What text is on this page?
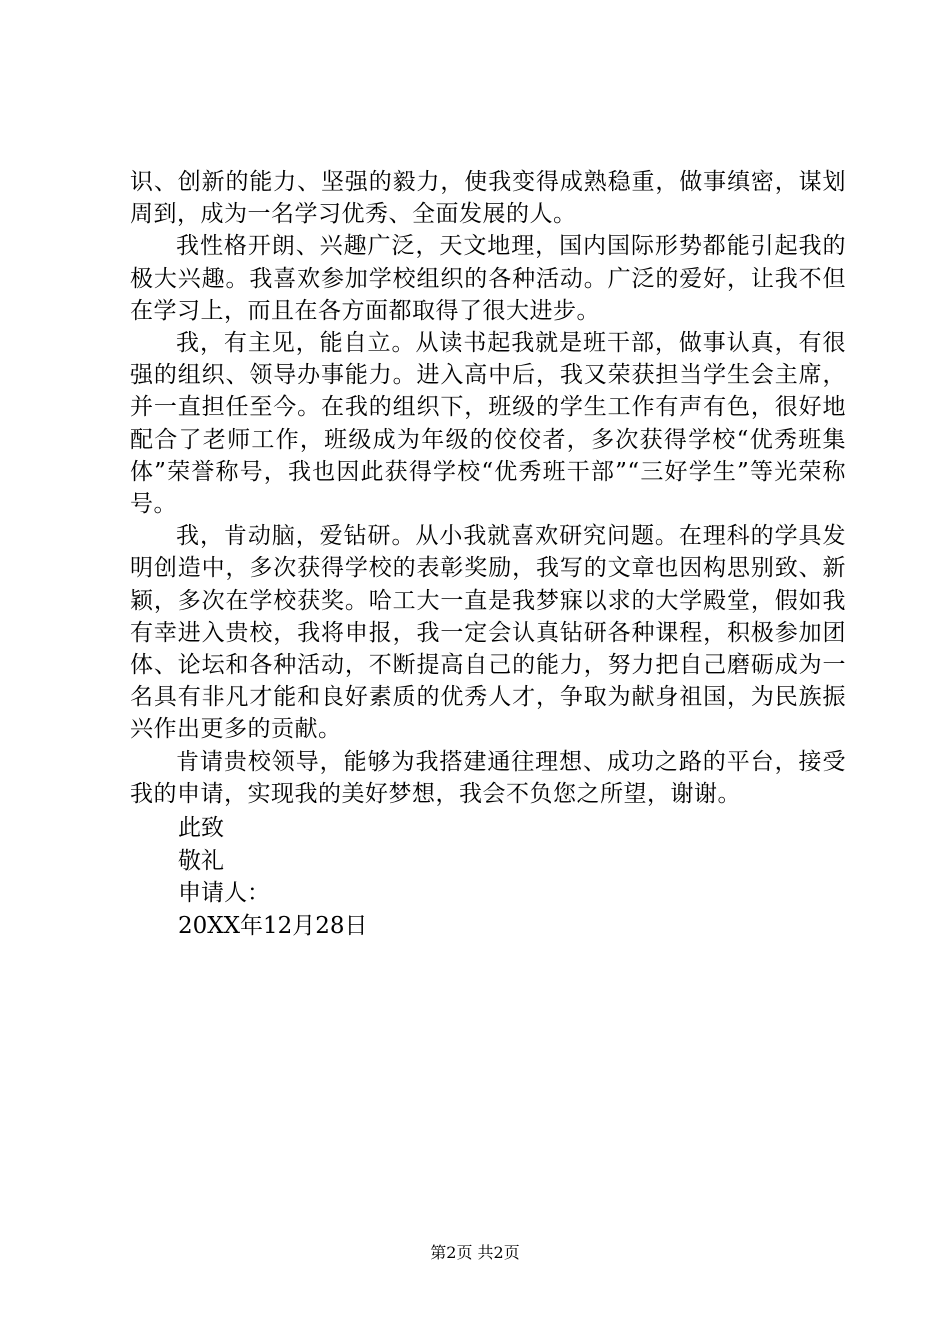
识、创新的能力、坚强的毅力，使我变得成熟稳重，做事缜密，谋划周到，成为一名学习优秀、全面发展的人。

我性格开朗、兴趣广泛，天文地理，国内国际形势都能引起我的极大兴趣。我喜欢参加学校组织的各种活动。广泛的爱好，让我不但在学习上，而且在各方面都取得了很大进步。

我，有主见，能自立。从读书起我就是班干部，做事认真，有很强的组织、领导办事能力。进入高中后，我又荣获担当学生会主席，并一直担任至今。在我的组织下，班级的学生工作有声有色，很好地配合了老师工作，班级成为年级的佼佼者，多次获得学校“优秀班集体”荣誉称号，我也因此获得学校“优秀班干部”“三好学生”等光荣称号。

我，肯动脑，爱钻研。从小我就喜欢研究问题。在理科的学具发明创造中，多次获得学校的表彰奖励，我写的文章也因构思别致、新颖，多次在学校获奖。哈工大一直是我梦寐以求的大学殿堂，假如我有幸进入贵校，我将申报，我一定会认真钻研各种课程，积极参加团体、论坛和各种活动，不断提高自己的能力，努力把自己磨砺成为一名具有非凡才能和良好素质的优秀人才，争取为献身祖国，为民族振兴作出更多的贡献。

肯请贵校领导，能够为我搭建通往理想、成功之路的平台，接受我的申请，实现我的美好梦想，我会不负您之所望，谢谢。

此致
敬礼
申请人：
20XX年12月28日
第2页 共2页
